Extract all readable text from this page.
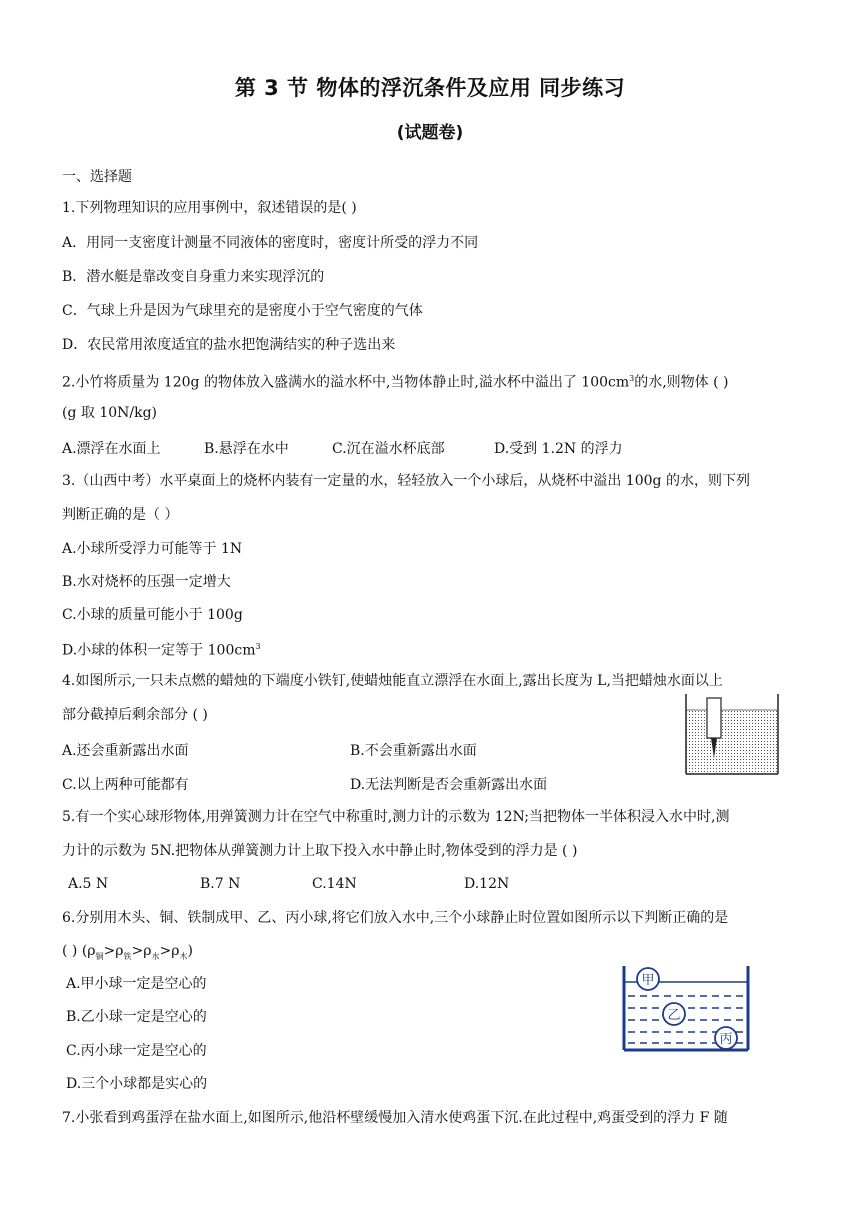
第 3 节 物体的浮沉条件及应用 同步练习
(试题卷)
一、选择题
1.下列物理知识的应用事例中，叙述错误的是( )
A．用同一支密度计测量不同液体的密度时，密度计所受的浮力不同
B．潜水艇是靠改变自身重力来实现浮沉的
C．气球上升是因为气球里充的是密度小于空气密度的气体
D．农民常用浓度适宜的盐水把饱满结实的种子选出来
2.小竹将质量为 120g 的物体放入盛满水的溢水杯中,当物体静止时,溢水杯中溢出了 $100cm^3$的水,则物体 ( )
(g 取 10N/kg)
A.漂浮在水面上	B.悬浮在水中	C.沉在溢水杯底部	D.受到 1.2N 的浮力
3.（山西中考）水平桌面上的烧杯内装有一定量的水，轻轻放入一个小球后，从烧杯中溢出 100g 的水，则下列
判断正确的是（ ）
A.小球所受浮力可能等于 1N
B.水对烧杯的压强一定增大
C.小球的质量可能小于 100g
D.小球的体积一定等于 $100cm^3$
4.如图所示,一只未点燃的蜡烛的下端度小铁钉,使蜡烛能直立漂浮在水面上,露出长度为 L,当把蜡烛水面以上
部分截掉后剩余部分 ( )
A.还会重新露出水面	B.不会重新露出水面
C.以上两种可能都有	D.无法判断是否会重新露出水面
5.有一个实心球形物体,用弹簧测力计在空气中称重时,测力计的示数为 12N;当把物体一半体积浸入水中时,测
力计的示数为 5N.把物体从弹簧测力计上取下投入水中静止时,物体受到的浮力是 ( )
A.5 N	B.7 N	C.14N	D.12N
6.分别用木头、铜、铁制成甲、乙、丙小球,将它们放入水中,三个小球静止时位置如图所示以下判断正确的是
( ) $(\rho_铜>\rho_铁>\rho_水>\rho_木)$
A.甲小球一定是空心的
B.乙小球一定是空心的
C.丙小球一定是空心的
D.三个小球都是实心的
甲
乙
丙
7.小张看到鸡蛋浮在盐水面上,如图所示,他沿杯壁缓慢加入清水使鸡蛋下沉.在此过程中,鸡蛋受到的浮力 F 随
